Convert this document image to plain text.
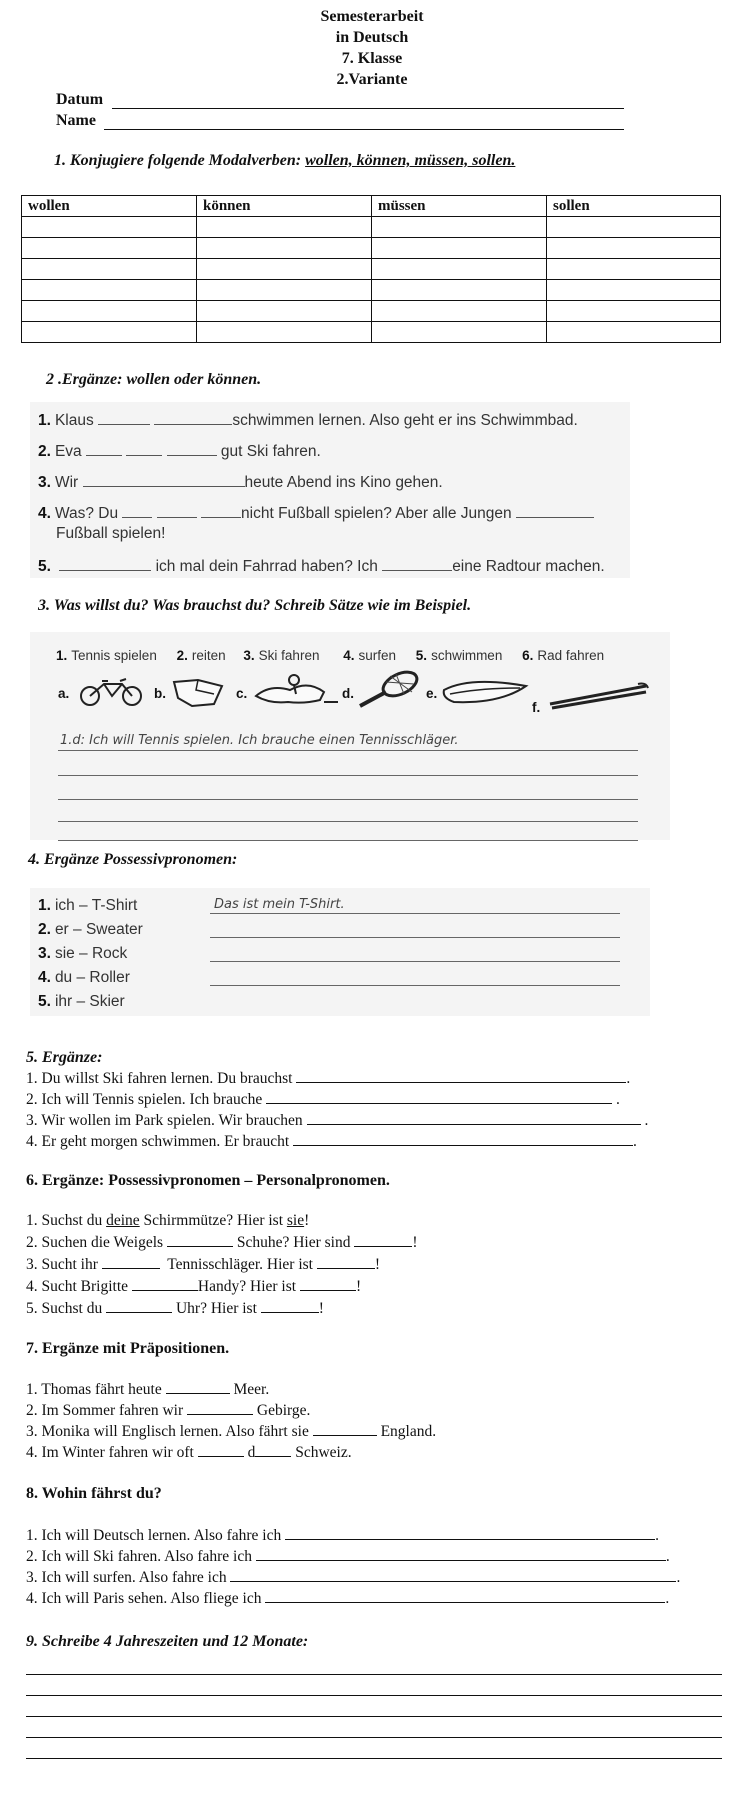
Semesterarbeit
in Deutsch
7. Klasse
2.Variante
Datum
Name
1. Konjugiere folgende Modalverben: wollen, können, müssen, sollen.
wollen	können	müssen	sollen

2 .Ergänze: wollen oder können.
1. Klaus	schwimmen lernen. Also geht er ins Schwimmbad.
2. Eva	gut Ski fahren.
3. Wir	heute Abend ins Kino gehen.
4. Was? Du	nicht Fußball spielen? Aber alle Jungen
Fußball spielen!
5.	ich mal dein Fahrrad haben? Ich	eine Radtour machen.
3. Was willst du? Was brauchst du? Schreib Sätze wie im Beispiel.
1. Tennis spielen 2. reiten 3. Ski fahren 4. surfen 5. schwimmen 6. Rad fahren
a.	b.	c.	d.	e.
f.
1.d: Ich will Tennis spielen. Ich brauche einen Tennisschläger.
4. Ergänze Possessivpronomen:
1. ich – T-Shirt	Das ist mein T-Shirt.
2. er – Sweater
3. sie – Rock
4. du – Roller
5. ihr – Skier
5. Ergänze:
1. Du willst Ski fahren lernen. Du brauchst	.
2. Ich will Tennis spielen. Ich brauche	.
3. Wir wollen im Park spielen. Wir brauchen	.
4. Er geht morgen schwimmen. Er braucht	.
6. Ergänze: Possessivpronomen – Personalpronomen.
1. Suchst du deine Schirmmütze? Hier ist sie!
2. Suchen die Weigels	Schuhe? Hier sind	!
3. Sucht ihr	Tennisschläger. Hier ist	!
4. Sucht Brigitte	Handy? Hier ist	!
5. Suchst du	Uhr? Hier ist	!
7. Ergänze mit Präpositionen.
1. Thomas fährt heute	Meer.
2. Im Sommer fahren wir	Gebirge.
3. Monika will Englisch lernen. Also fährt sie	England.
4. Im Winter fahren wir oft	d	Schweiz.
8. Wohin fährst du?
1. Ich will Deutsch lernen. Also fahre ich	.
2. Ich will Ski fahren. Also fahre ich	.
3. Ich will surfen. Also fahre ich	.
4. Ich will Paris sehen. Also fliege ich	.
9. Schreibe 4 Jahreszeiten und 12 Monate:
